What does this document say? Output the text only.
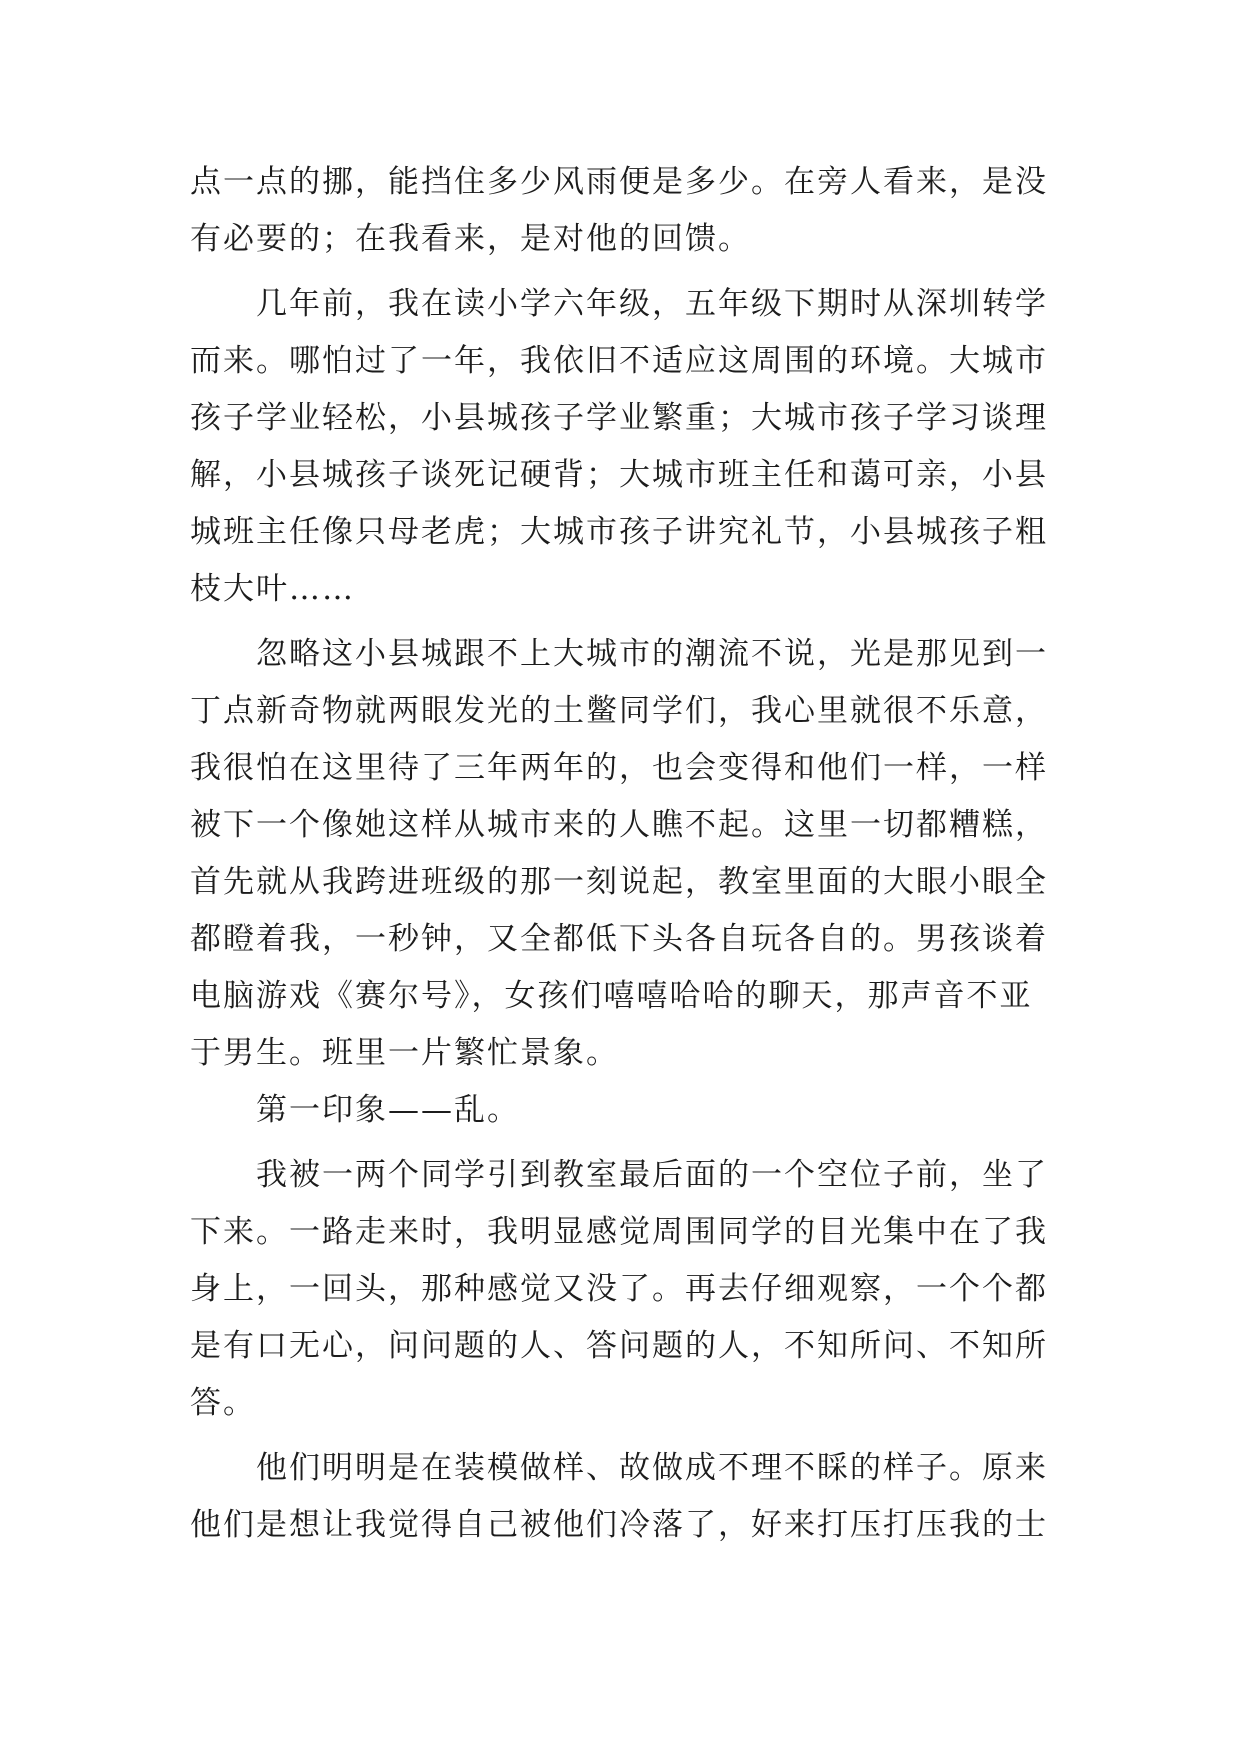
点一点的挪，能挡住多少风雨便是多少。在旁人看来，是没
有必要的；在我看来，是对他的回馈。
几年前，我在读小学六年级，五年级下期时从深圳转学
而来。哪怕过了一年，我依旧不适应这周围的环境。大城市
孩子学业轻松，小县城孩子学业繁重；大城市孩子学习谈理
解，小县城孩子谈死记硬背；大城市班主任和蔼可亲，小县
城班主任像只母老虎；大城市孩子讲究礼节，小县城孩子粗
枝大叶……
忽略这小县城跟不上大城市的潮流不说，光是那见到一
丁点新奇物就两眼发光的土鳖同学们，我心里就很不乐意，
我很怕在这里待了三年两年的，也会变得和他们一样，一样
被下一个像她这样从城市来的人瞧不起。这里一切都糟糕，
首先就从我跨进班级的那一刻说起，教室里面的大眼小眼全
都瞪着我，一秒钟，又全都低下头各自玩各自的。男孩谈着
电脑游戏《赛尔号》，女孩们嘻嘻哈哈的聊天，那声音不亚
于男生。班里一片繁忙景象。
第一印象——乱。
我被一两个同学引到教室最后面的一个空位子前，坐了
下来。一路走来时，我明显感觉周围同学的目光集中在了我
身上，一回头，那种感觉又没了。再去仔细观察，一个个都
是有口无心，问问题的人、答问题的人，不知所问、不知所
答。
他们明明是在装模做样、故做成不理不睬的样子。原来
他们是想让我觉得自己被他们冷落了，好来打压打压我的士
